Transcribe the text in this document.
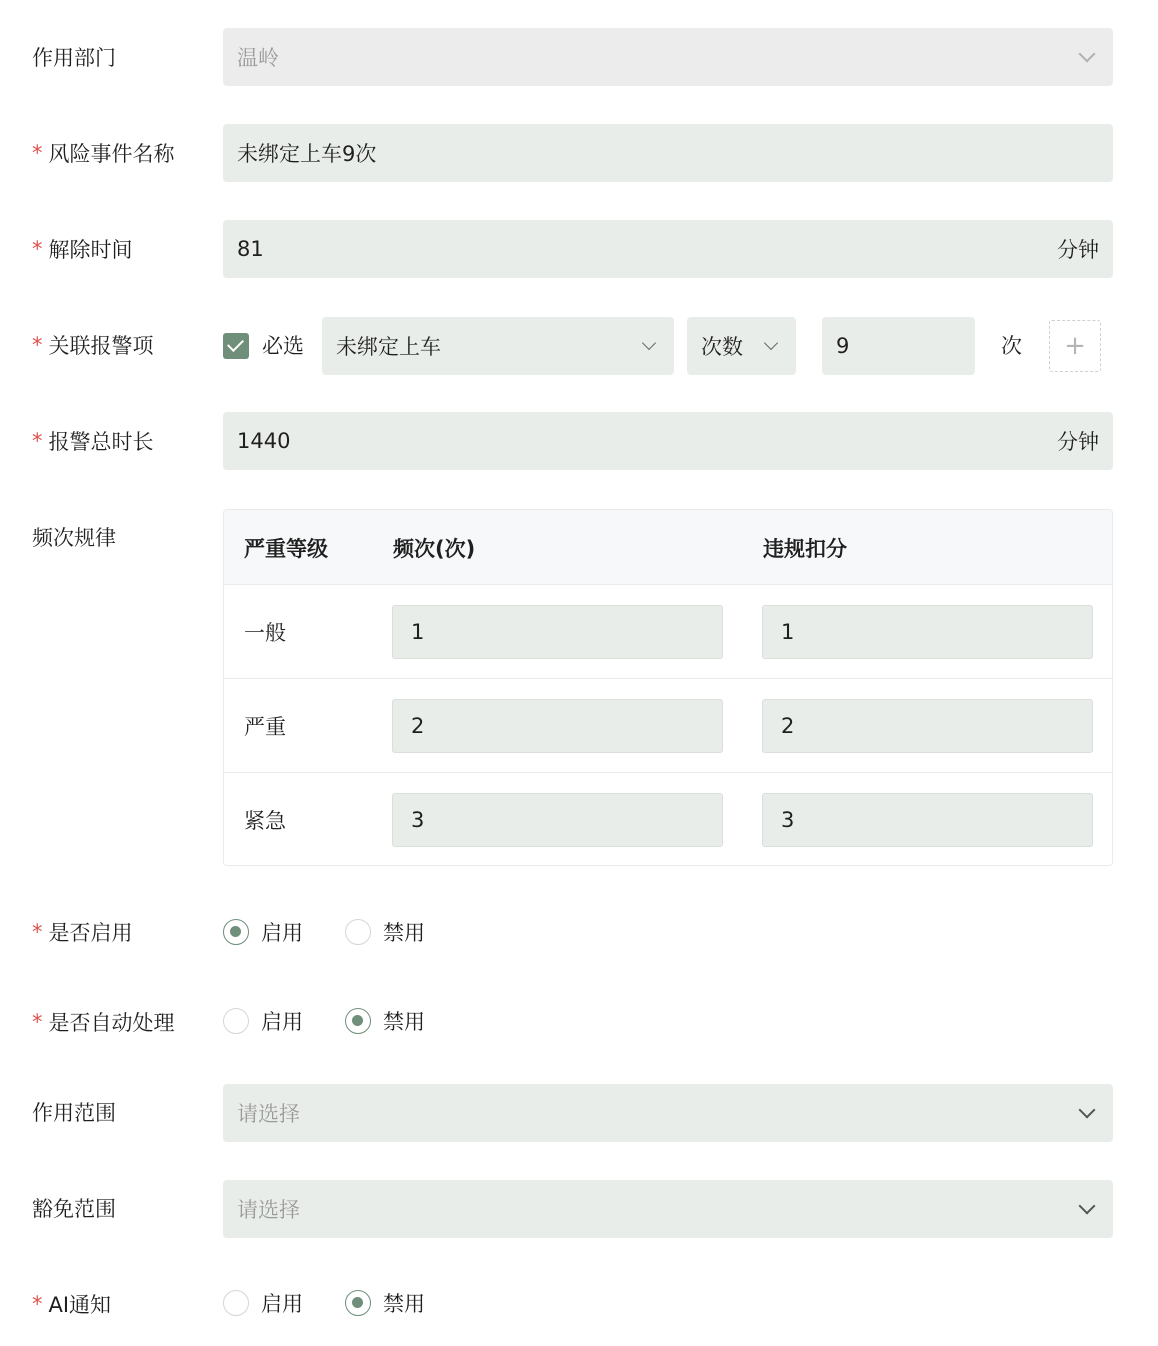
作用部门	温岭
* 风险事件名称	未绑定上车9次
* 解除时间	81	分钟
* 关联报警项	必选 未绑定上车	次数	9	次 +
* 报警总时长	1440	分钟
频次规律	严重等级	频次(次)	违规扣分
一般	1	1
严重	2	2
紧急	3	3
* 是否启用	启用	禁用
* 是否自动处理	启用	禁用
作用范围	请选择
豁免范围	请选择
* AI通知	启用	禁用
